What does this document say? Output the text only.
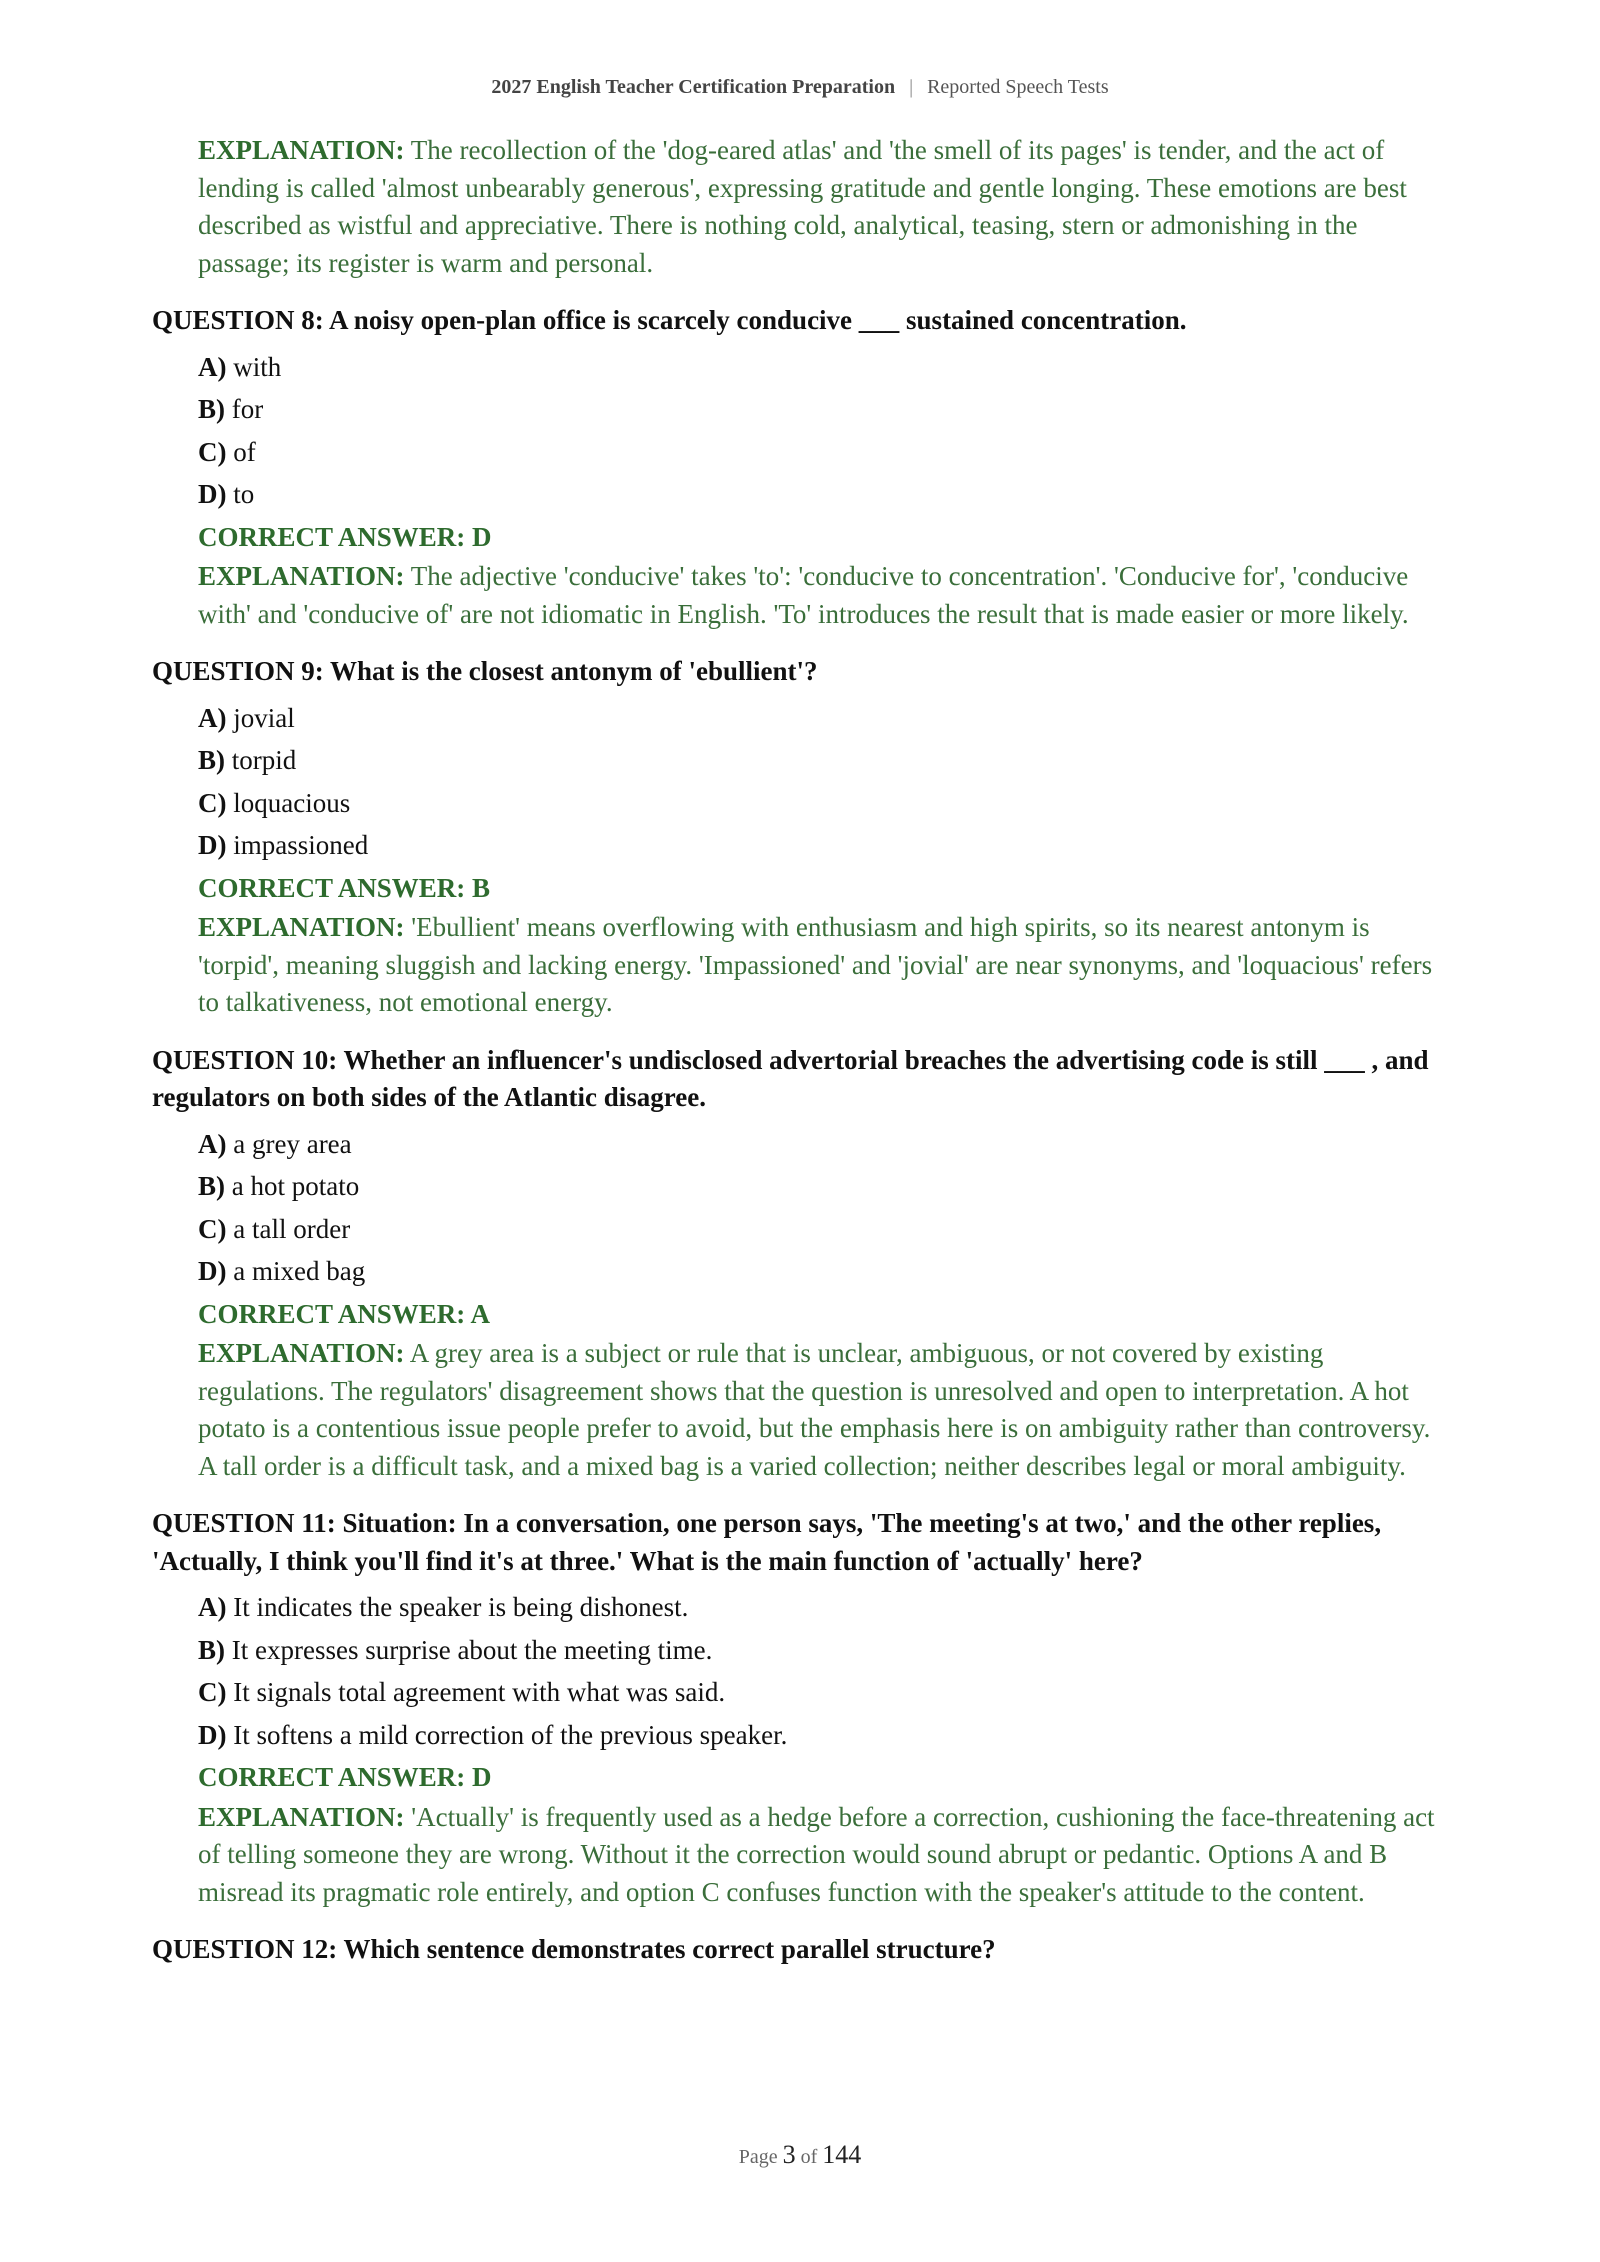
2027 English Teacher Certification Preparation | Reported Speech Tests
EXPLANATION: The recollection of the 'dog-eared atlas' and 'the smell of its pages' is tender, and the act of lending is called 'almost unbearably generous', expressing gratitude and gentle longing. These emotions are best described as wistful and appreciative. There is nothing cold, analytical, teasing, stern or admonishing in the passage; its register is warm and personal.
QUESTION 8: A noisy open-plan office is scarcely conducive ___ sustained concentration.
A) with
B) for
C) of
D) to
CORRECT ANSWER: D
EXPLANATION: The adjective 'conducive' takes 'to': 'conducive to concentration'. 'Conducive for', 'conducive with' and 'conducive of' are not idiomatic in English. 'To' introduces the result that is made easier or more likely.
QUESTION 9: What is the closest antonym of 'ebullient'?
A) jovial
B) torpid
C) loquacious
D) impassioned
CORRECT ANSWER: B
EXPLANATION: 'Ebullient' means overflowing with enthusiasm and high spirits, so its nearest antonym is 'torpid', meaning sluggish and lacking energy. 'Impassioned' and 'jovial' are near synonyms, and 'loquacious' refers to talkativeness, not emotional energy.
QUESTION 10: Whether an influencer's undisclosed advertorial breaches the advertising code is still ___ , and regulators on both sides of the Atlantic disagree.
A) a grey area
B) a hot potato
C) a tall order
D) a mixed bag
CORRECT ANSWER: A
EXPLANATION: A grey area is a subject or rule that is unclear, ambiguous, or not covered by existing regulations. The regulators' disagreement shows that the question is unresolved and open to interpretation. A hot potato is a contentious issue people prefer to avoid, but the emphasis here is on ambiguity rather than controversy. A tall order is a difficult task, and a mixed bag is a varied collection; neither describes legal or moral ambiguity.
QUESTION 11: Situation: In a conversation, one person says, 'The meeting's at two,' and the other replies, 'Actually, I think you'll find it's at three.' What is the main function of 'actually' here?
A) It indicates the speaker is being dishonest.
B) It expresses surprise about the meeting time.
C) It signals total agreement with what was said.
D) It softens a mild correction of the previous speaker.
CORRECT ANSWER: D
EXPLANATION: 'Actually' is frequently used as a hedge before a correction, cushioning the face-threatening act of telling someone they are wrong. Without it the correction would sound abrupt or pedantic. Options A and B misread its pragmatic role entirely, and option C confuses function with the speaker's attitude to the content.
QUESTION 12: Which sentence demonstrates correct parallel structure?
Page 3 of 144
